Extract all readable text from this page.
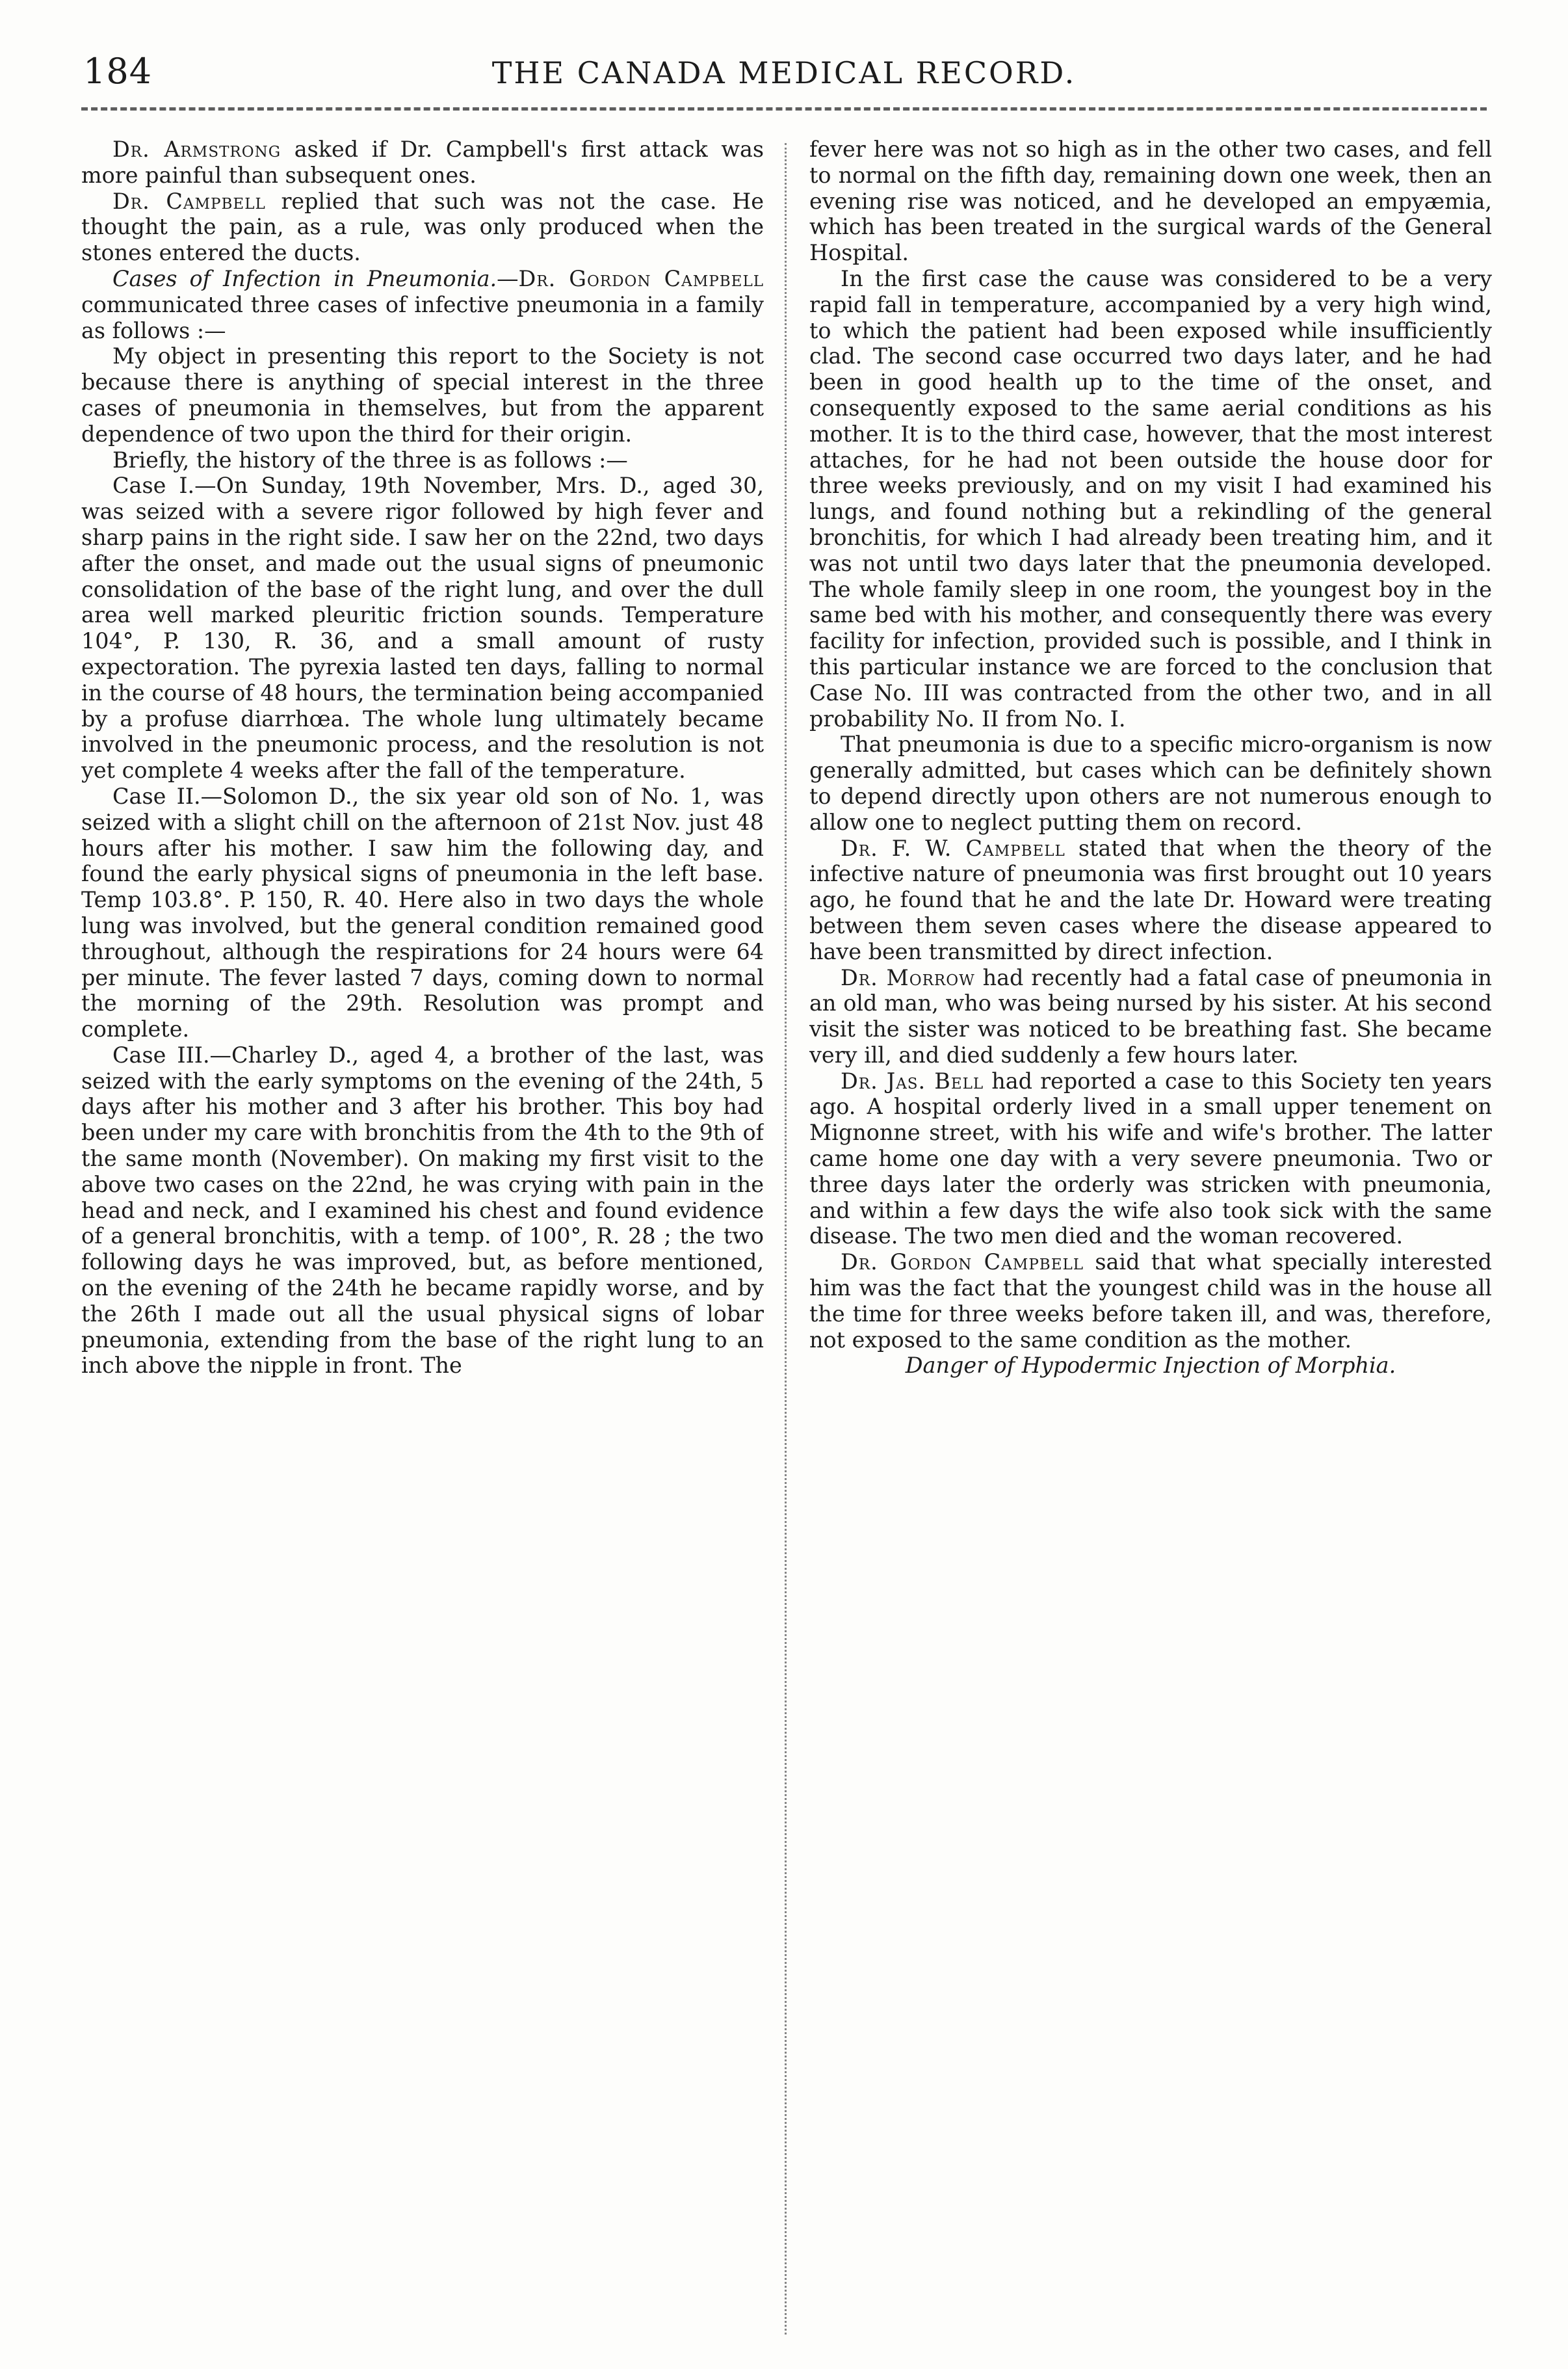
184	THE CANADA MEDICAL RECORD.

Dr. Armstrong asked if Dr. Campbell's first attack was more painful than subsequent ones.

Dr. Campbell replied that such was not the case. He thought the pain, as a rule, was only produced when the stones entered the ducts.

Cases of Infection in Pneumonia.—Dr. Gordon Campbell communicated three cases of infective pneumonia in a family as follows :—

My object in presenting this report to the Society is not because there is anything of special interest in the three cases of pneumonia in themselves, but from the apparent dependence of two upon the third for their origin.

Briefly, the history of the three is as follows :—

Case I.—On Sunday, 19th November, Mrs. D., aged 30, was seized with a severe rigor followed by high fever and sharp pains in the right side. I saw her on the 22nd, two days after the onset, and made out the usual signs of pneumonic consolidation of the base of the right lung, and over the dull area well marked pleuritic friction sounds. Temperature 104°, P. 130, R. 36, and a small amount of rusty expectoration. The pyrexia lasted ten days, falling to normal in the course of 48 hours, the termination being accompanied by a profuse diarrhœa. The whole lung ultimately became involved in the pneumonic process, and the resolution is not yet complete 4 weeks after the fall of the temperature.

Case II.—Solomon D., the six year old son of No. 1, was seized with a slight chill on the afternoon of 21st Nov. just 48 hours after his mother. I saw him the following day, and found the early physical signs of pneumonia in the left base. Temp 103.8°. P. 150, R. 40. Here also in two days the whole lung was involved, but the general condition remained good throughout, although the respirations for 24 hours were 64 per minute. The fever lasted 7 days, coming down to normal the morning of the 29th. Resolution was prompt and complete.

Case III.—Charley D., aged 4, a brother of the last, was seized with the early symptoms on the evening of the 24th, 5 days after his mother and 3 after his brother. This boy had been under my care with bronchitis from the 4th to the 9th of the same month (November). On making my first visit to the above two cases on the 22nd, he was crying with pain in the head and neck, and I examined his chest and found evidence of a general bronchitis, with a temp. of 100°, R. 28 ; the two following days he was improved, but, as before mentioned, on the evening of the 24th he became rapidly worse, and by the 26th I made out all the usual physical signs of lobar pneumonia, extending from the base of the right lung to an inch above the nipple in front. The

fever here was not so high as in the other two cases, and fell to normal on the fifth day, remaining down one week, then an evening rise was noticed, and he developed an empyæmia, which has been treated in the surgical wards of the General Hospital.

In the first case the cause was considered to be a very rapid fall in temperature, accompanied by a very high wind, to which the patient had been exposed while insufficiently clad. The second case occurred two days later, and he had been in good health up to the time of the onset, and consequently exposed to the same aerial conditions as his mother. It is to the third case, however, that the most interest attaches, for he had not been outside the house door for three weeks previously, and on my visit I had examined his lungs, and found nothing but a rekindling of the general bronchitis, for which I had already been treating him, and it was not until two days later that the pneumonia developed. The whole family sleep in one room, the youngest boy in the same bed with his mother, and consequently there was every facility for infection, provided such is possible, and I think in this particular instance we are forced to the conclusion that Case No. III was contracted from the other two, and in all probability No. II from No. I.

That pneumonia is due to a specific micro-organism is now generally admitted, but cases which can be definitely shown to depend directly upon others are not numerous enough to allow one to neglect putting them on record.

Dr. F. W. Campbell stated that when the theory of the infective nature of pneumonia was first brought out 10 years ago, he found that he and the late Dr. Howard were treating between them seven cases where the disease appeared to have been transmitted by direct infection.

Dr. Morrow had recently had a fatal case of pneumonia in an old man, who was being nursed by his sister. At his second visit the sister was noticed to be breathing fast. She became very ill, and died suddenly a few hours later.

Dr. Jas. Bell had reported a case to this Society ten years ago. A hospital orderly lived in a small upper tenement on Mignonne street, with his wife and wife's brother. The latter came home one day with a very severe pneumonia. Two or three days later the orderly was stricken with pneumonia, and within a few days the wife also took sick with the same disease. The two men died and the woman recovered.

Dr. Gordon Campbell said that what specially interested him was the fact that the youngest child was in the house all the time for three weeks before taken ill, and was, therefore, not exposed to the same condition as the mother.

Danger of Hypodermic Injection of Morphia.
